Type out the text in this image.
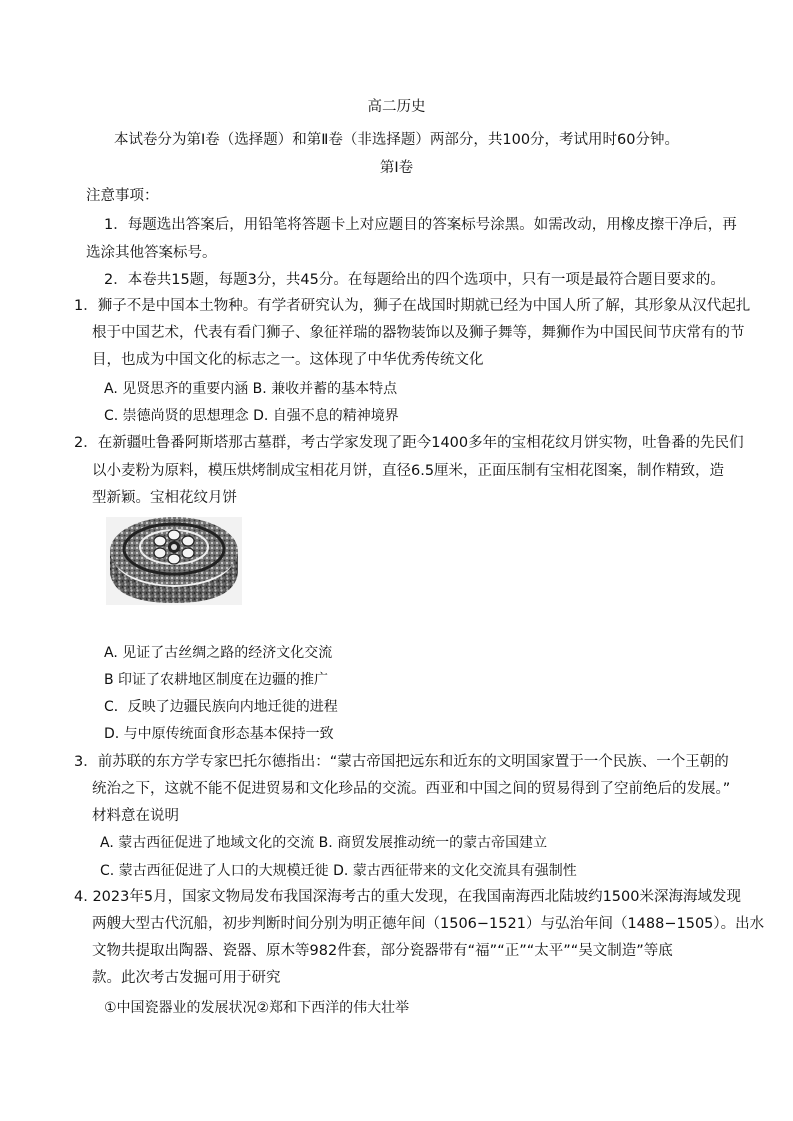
高二历史
本试卷分为第Ⅰ卷（选择题）和第Ⅱ卷（非选择题）两部分，共100分，考试用时60分钟。
第Ⅰ卷
注意事项：
1．每题选出答案后，用铅笔将答题卡上对应题目的答案标号涂黑。如需改动，用橡皮擦干净后，再
选涂其他答案标号。
2．本卷共15题，每题3分，共45分。在每题给出的四个选项中，只有一项是最符合题目要求的。
1．狮子不是中国本土物种。有学者研究认为，狮子在战国时期就已经为中国人所了解，其形象从汉代起扎
根于中国艺术，代表有看门狮子、象征祥瑞的器物装饰以及狮子舞等，舞狮作为中国民间节庆常有的节
目，也成为中国文化的标志之一。这体现了中华优秀传统文化
A. 见贤思齐的重要内涵 B. 兼收并蓄的基本特点
C. 崇德尚贤的思想理念 D. 自强不息的精神境界
2．在新疆吐鲁番阿斯塔那古墓群，考古学家发现了距今1400多年的宝相花纹月饼实物，吐鲁番的先民们
以小麦粉为原料，模压烘烤制成宝相花月饼，直径6.5厘米，正面压制有宝相花图案，制作精致，造
型新颖。宝相花纹月饼
A. 见证了古丝绸之路的经济文化交流
B 印证了农耕地区制度在边疆的推广
C．反映了边疆民族向内地迁徙的进程
D. 与中原传统面食形态基本保持一致
3．前苏联的东方学专家巴托尔德指出：“蒙古帝国把远东和近东的文明国家置于一个民族、一个王朝的
统治之下，这就不能不促进贸易和文化珍品的交流。西亚和中国之间的贸易得到了空前绝后的发展。”
材料意在说明
A. 蒙古西征促进了地域文化的交流 B. 商贸发展推动统一的蒙古帝国建立
C. 蒙古西征促进了人口的大规模迁徙 D. 蒙古西征带来的文化交流具有强制性
4. 2023年5月，国家文物局发布我国深海考古的重大发现，在我国南海西北陆坡约1500米深海海域发现
两艘大型古代沉船，初步判断时间分别为明正德年间（1506−1521）与弘治年间（1488−1505）。出水
文物共提取出陶器、瓷器、原木等982件套，部分瓷器带有“福”“正”“太平”“吴文制造”等底
款。此次考古发掘可用于研究
①中国瓷器业的发展状况②郑和下西洋的伟大壮举
